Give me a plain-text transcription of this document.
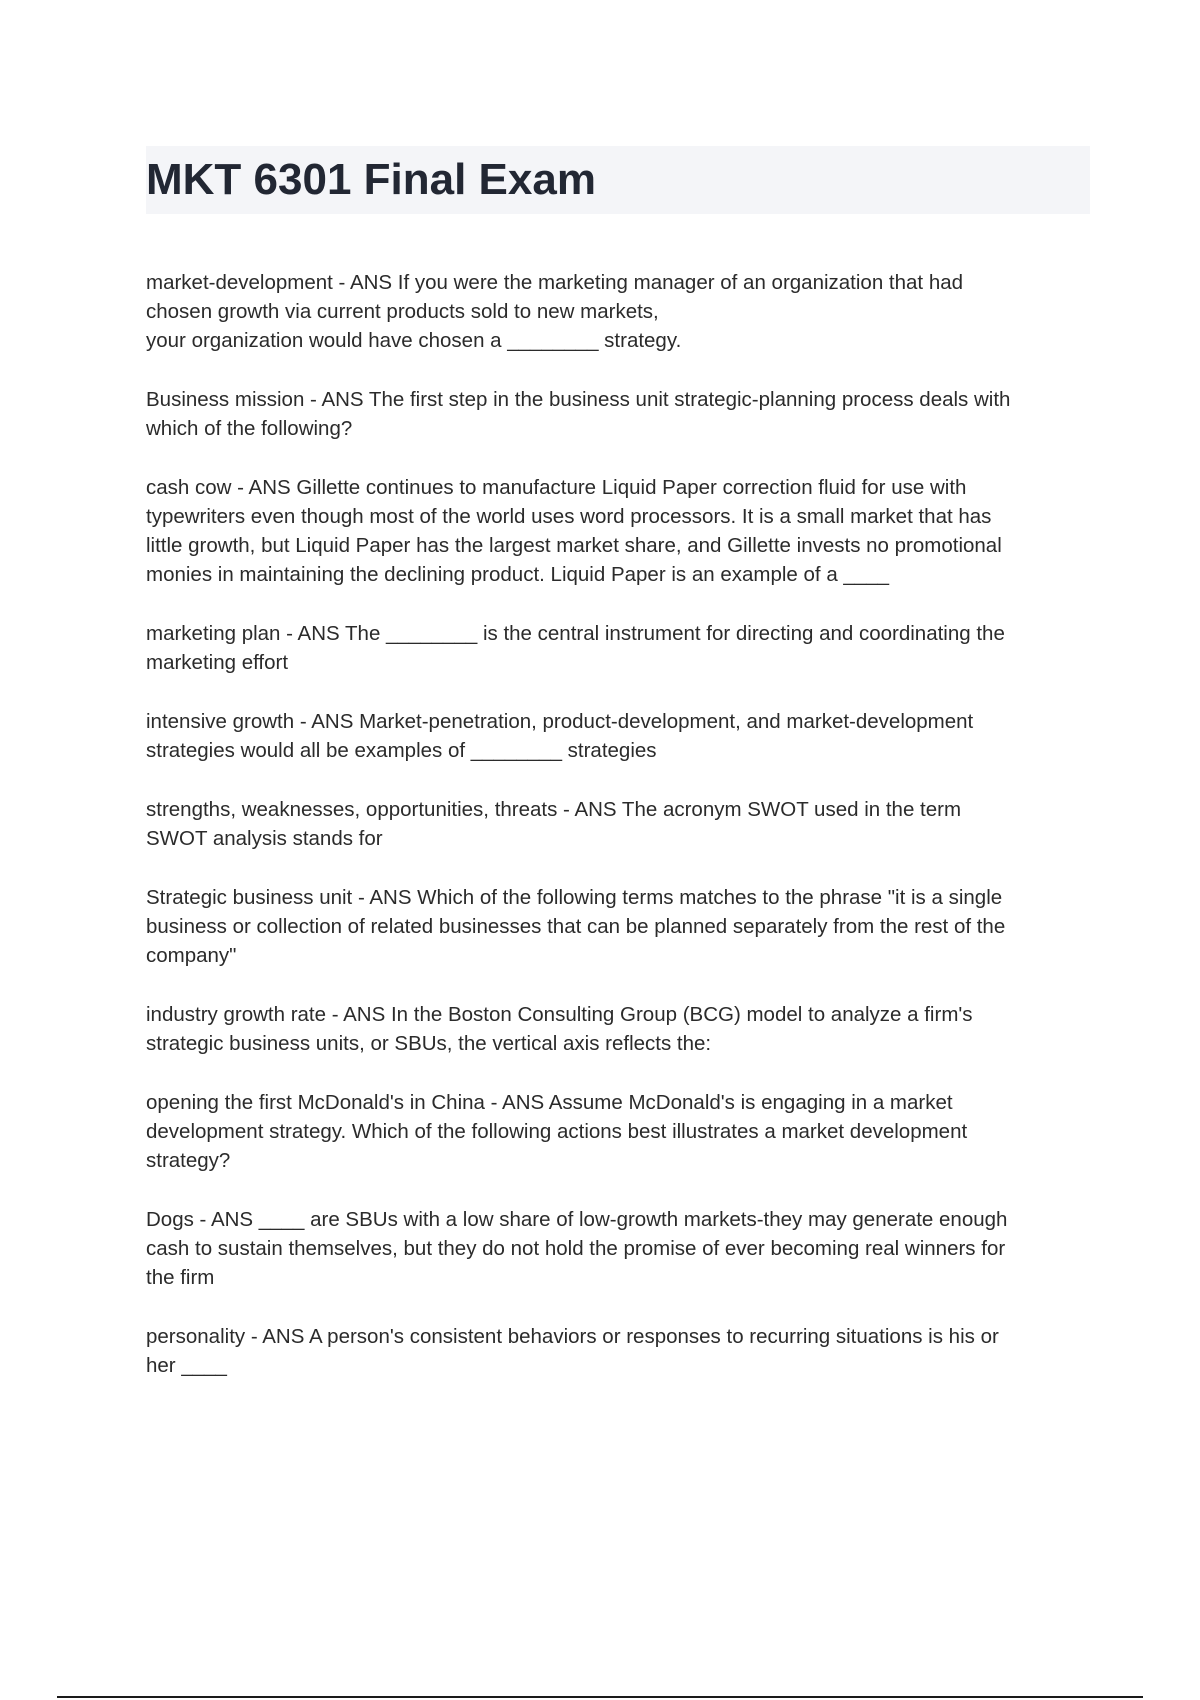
MKT 6301 Final Exam

market-development - ANS If you were the marketing manager of an organization that had
chosen growth via current products sold to new markets,
your organization would have chosen a ________ strategy.

Business mission - ANS The first step in the business unit strategic-planning process deals with
which of the following?

cash cow - ANS Gillette continues to manufacture Liquid Paper correction fluid for use with
typewriters even though most of the world uses word processors. It is a small market that has
little growth, but Liquid Paper has the largest market share, and Gillette invests no promotional
monies in maintaining the declining product. Liquid Paper is an example of a ____

marketing plan - ANS The ________ is the central instrument for directing and coordinating the
marketing effort

intensive growth - ANS Market-penetration, product-development, and market-development
strategies would all be examples of ________ strategies

strengths, weaknesses, opportunities, threats - ANS The acronym SWOT used in the term
SWOT analysis stands for

Strategic business unit - ANS Which of the following terms matches to the phrase "it is a single
business or collection of related businesses that can be planned separately from the rest of the
company"

industry growth rate - ANS In the Boston Consulting Group (BCG) model to analyze a firm's
strategic business units, or SBUs, the vertical axis reflects the:

opening the first McDonald's in China - ANS Assume McDonald's is engaging in a market
development strategy. Which of the following actions best illustrates a market development
strategy?

Dogs - ANS ____ are SBUs with a low share of low-growth markets-they may generate enough
cash to sustain themselves, but they do not hold the promise of ever becoming real winners for
the firm

personality - ANS A person's consistent behaviors or responses to recurring situations is his or
her ____
